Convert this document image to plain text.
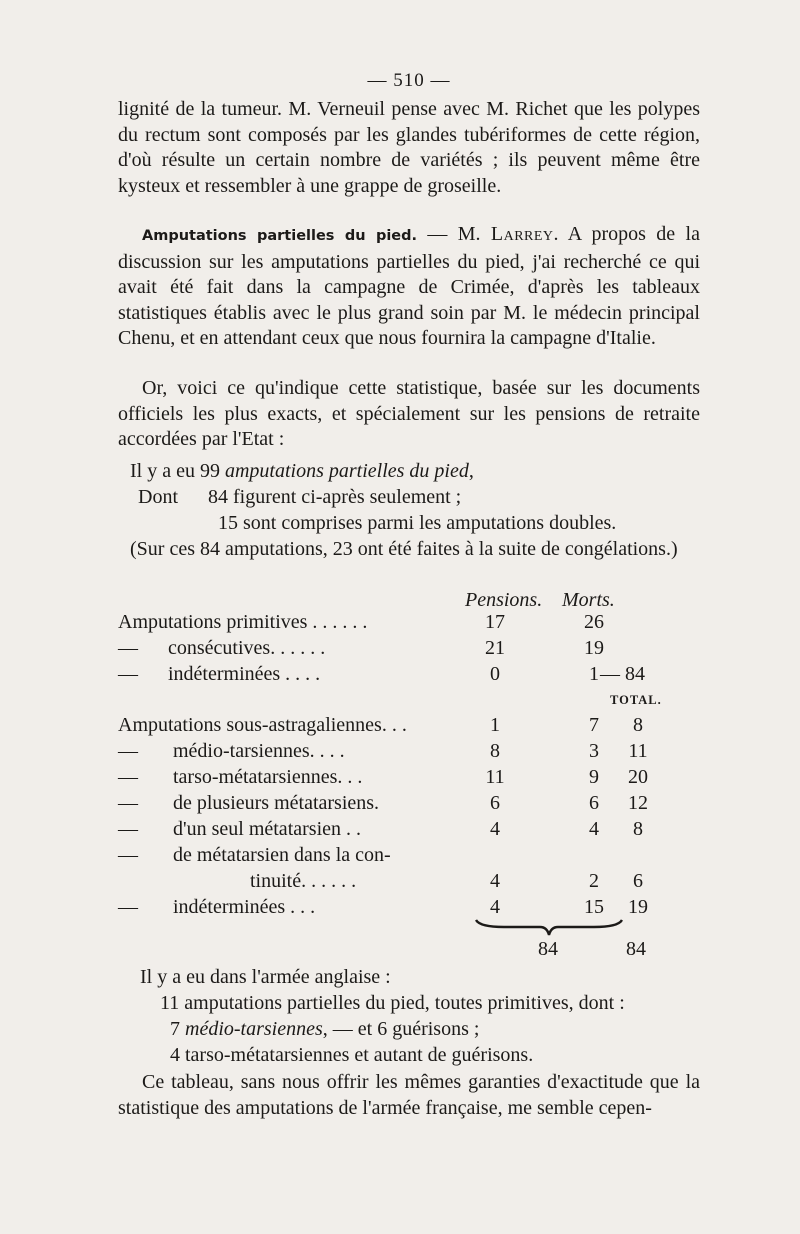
— 510 —

lignité de la tumeur. M. Verneuil pense avec M. Richet que les polypes du rectum sont composés par les glandes tubériformes de cette région, d'où résulte un certain nombre de variétés ; ils peuvent même être kysteux et ressembler à une grappe de groseille.

Amputations partielles du pied. — M. Larrey. A propos de la discussion sur les amputations partielles du pied, j'ai recherché ce qui avait été fait dans la campagne de Crimée, d'après les tableaux statistiques établis avec le plus grand soin par M. le médecin principal Chenu, et en attendant ceux que nous fournira la campagne d'Italie.

Or, voici ce qu'indique cette statistique, basée sur les documents officiels les plus exacts, et spécialement sur les pensions de retraite accordées par l'Etat :

Il y a eu 99 amputations partielles du pied,
Dont      84 figurent ci-après seulement ;
15 sont comprises parmi les amputations doubles.

(Sur ces 84 amputations, 23 ont été faites à la suite de congélations.)

Pensions. Morts.
Amputations primitives . . . . . .	17	26
—      consécutives. . . . . .	21	19
—      indéterminées . . . .	0	1 — 84
TOTAL.
Amputations sous-astragaliennes. . .	1	7	8
—       médio-tarsiennes. . . .	8	3	11
—       tarso-métatarsiennes. . .	11	9	20
—       de plusieurs métatarsiens.	6	6	12
—       d'un seul métatarsien . .	4	4	8
—       de métatarsien dans la con-
tinuité. . . . . .	4	2	6
—       indéterminées . . .	4	15	19
84	84
Il y a eu dans l'armée anglaise :
11 amputations partielles du pied, toutes primitives, dont :
7 médio-tarsiennes, — et 6 guérisons ;
4 tarso-métatarsiennes et autant de guérisons.

Ce tableau, sans nous offrir les mêmes garanties d'exactitude que la statistique des amputations de l'armée française, me semble cepen-
